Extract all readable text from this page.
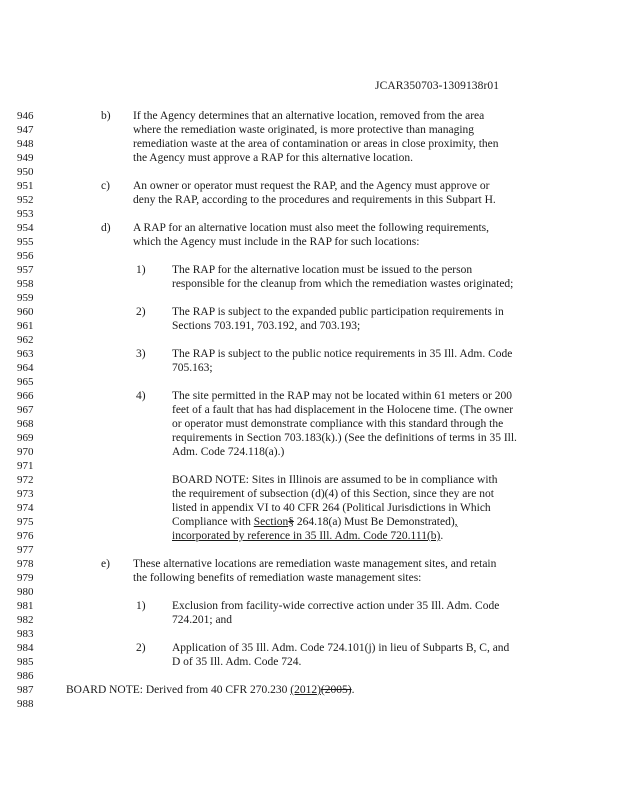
JCAR350703-1309138r01
946
947
948
949
950
951
952
953
954
955
956
957
958
959
960
961
962
963
964
965
966
967
968
969
970
971
972
973
974
975
976
977
978
979
980
981
982
983
984
985
986
987
988
b) If the Agency determines that an alternative location, removed from the area
where the remediation waste originated, is more protective than managing
remediation waste at the area of contamination or areas in close proximity, then
the Agency must approve a RAP for this alternative location.
c) An owner or operator must request the RAP, and the Agency must approve or
deny the RAP, according to the procedures and requirements in this Subpart H.
d) A RAP for an alternative location must also meet the following requirements,
which the Agency must include in the RAP for such locations:
1) The RAP for the alternative location must be issued to the person
responsible for the cleanup from which the remediation wastes originated;
2) The RAP is subject to the expanded public participation requirements in
Sections 703.191, 703.192, and 703.193;
3) The RAP is subject to the public notice requirements in 35 Ill. Adm. Code
705.163;
4) The site permitted in the RAP may not be located within 61 meters or 200
feet of a fault that has had displacement in the Holocene time. (The owner
or operator must demonstrate compliance with this standard through the
requirements in Section 703.183(k).) (See the definitions of terms in 35 Ill.
Adm. Code 724.118(a).)
BOARD NOTE: Sites in Illinois are assumed to be in compliance with
the requirement of subsection (d)(4) of this Section, since they are not
listed in appendix VI to 40 CFR 264 (Political Jurisdictions in Which
Compliance with Section§ 264.18(a) Must Be Demonstrated),
incorporated by reference in 35 Ill. Adm. Code 720.111(b).
e) These alternative locations are remediation waste management sites, and retain
the following benefits of remediation waste management sites:
1) Exclusion from facility-wide corrective action under 35 Ill. Adm. Code
724.201; and
2) Application of 35 Ill. Adm. Code 724.101(j) in lieu of Subparts B, C, and
D of 35 Ill. Adm. Code 724.
BOARD NOTE: Derived from 40 CFR 270.230 (2012)(2005).
